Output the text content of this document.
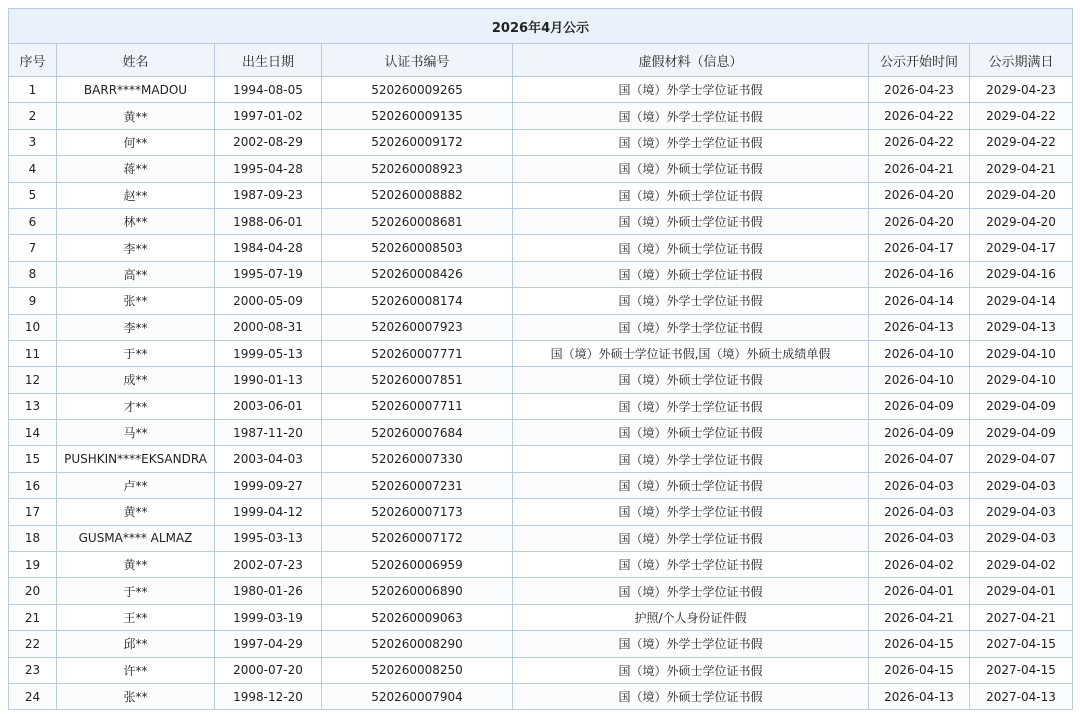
2026年4月公示						
序号	姓名	出生日期	认证书编号	虚假材料（信息）	公示开始时间	公示期满日
1	BARR****MADOU	1994-08-05	520260009265	国（境）外学士学位证书假	2026-04-23	2029-04-23
2	黄**	1997-01-02	520260009135	国（境）外学士学位证书假	2026-04-22	2029-04-22
3	何**	2002-08-29	520260009172	国（境）外学士学位证书假	2026-04-22	2029-04-22
4	蒋**	1995-04-28	520260008923	国（境）外硕士学位证书假	2026-04-21	2029-04-21
5	赵**	1987-09-23	520260008882	国（境）外硕士学位证书假	2026-04-20	2029-04-20
6	林**	1988-06-01	520260008681	国（境）外硕士学位证书假	2026-04-20	2029-04-20
7	李**	1984-04-28	520260008503	国（境）外硕士学位证书假	2026-04-17	2029-04-17
8	高**	1995-07-19	520260008426	国（境）外硕士学位证书假	2026-04-16	2029-04-16
9	张**	2000-05-09	520260008174	国（境）外学士学位证书假	2026-04-14	2029-04-14
10	李**	2000-08-31	520260007923	国（境）外学士学位证书假	2026-04-13	2029-04-13
11	于**	1999-05-13	520260007771	国（境）外硕士学位证书假,国（境）外硕士成绩单假	2026-04-10	2029-04-10
12	成**	1990-01-13	520260007851	国（境）外硕士学位证书假	2026-04-10	2029-04-10
13	才**	2003-06-01	520260007711	国（境）外学士学位证书假	2026-04-09	2029-04-09
14	马**	1987-11-20	520260007684	国（境）外硕士学位证书假	2026-04-09	2029-04-09
15	PUSHKIN****EKSANDRA	2003-04-03	520260007330	国（境）外学士学位证书假	2026-04-07	2029-04-07
16	卢**	1999-09-27	520260007231	国（境）外硕士学位证书假	2026-04-03	2029-04-03
17	黄**	1999-04-12	520260007173	国（境）外学士学位证书假	2026-04-03	2029-04-03
18	GUSMA**** ALMAZ	1995-03-13	520260007172	国（境）外学士学位证书假	2026-04-03	2029-04-03
19	黄**	2002-07-23	520260006959	国（境）外学士学位证书假	2026-04-02	2029-04-02
20	于**	1980-01-26	520260006890	国（境）外学士学位证书假	2026-04-01	2029-04-01
21	王**	1999-03-19	520260009063	护照/个人身份证件假	2026-04-21	2027-04-21
22	邱**	1997-04-29	520260008290	国（境）外学士学位证书假	2026-04-15	2027-04-15
23	许**	2000-07-20	520260008250	国（境）外硕士学位证书假	2026-04-15	2027-04-15
24	张**	1998-12-20	520260007904	国（境）外硕士学位证书假	2026-04-13	2027-04-13
